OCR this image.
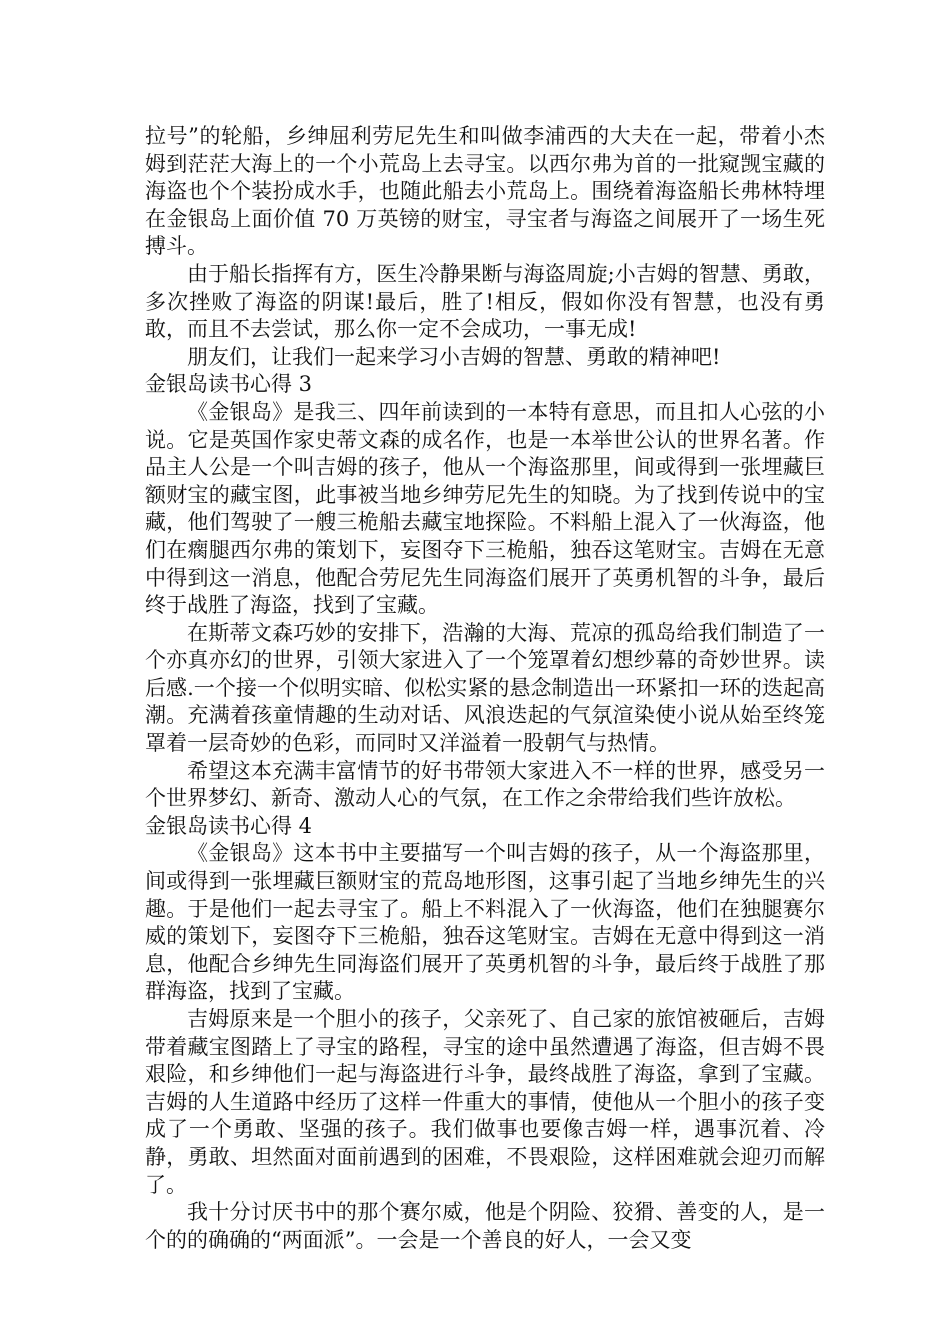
拉号”的轮船，乡绅屈利劳尼先生和叫做李浦西的大夫在一起，带着小杰姆到茫茫大海上的一个小荒岛上去寻宝。以西尔弗为首的一批窥觊宝藏的海盗也个个装扮成水手，也随此船去小荒岛上。围绕着海盗船长弗林特埋在金银岛上面价值 70 万英镑的财宝，寻宝者与海盗之间展开了一场生死搏斗。

由于船长指挥有方，医生冷静果断与海盗周旋;小吉姆的智慧、勇敢，多次挫败了海盗的阴谋!最后，胜了!相反，假如你没有智慧，也没有勇敢，而且不去尝试，那么你一定不会成功，一事无成!

朋友们，让我们一起来学习小吉姆的智慧、勇敢的精神吧!

金银岛读书心得 3

《金银岛》是我三、四年前读到的一本特有意思，而且扣人心弦的小说。它是英国作家史蒂文森的成名作，也是一本举世公认的世界名著。作品主人公是一个叫吉姆的孩子，他从一个海盗那里，间或得到一张埋藏巨额财宝的藏宝图，此事被当地乡绅劳尼先生的知晓。为了找到传说中的宝藏，他们驾驶了一艘三桅船去藏宝地探险。不料船上混入了一伙海盗，他们在瘸腿西尔弗的策划下，妄图夺下三桅船，独吞这笔财宝。吉姆在无意中得到这一消息，他配合劳尼先生同海盗们展开了英勇机智的斗争，最后终于战胜了海盗，找到了宝藏。

在斯蒂文森巧妙的安排下，浩瀚的大海、荒凉的孤岛给我们制造了一个亦真亦幻的世界，引领大家进入了一个笼罩着幻想纱幕的奇妙世界。读后感.一个接一个似明实暗、似松实紧的悬念制造出一环紧扣一环的迭起高潮。充满着孩童情趣的生动对话、风浪迭起的气氛渲染使小说从始至终笼罩着一层奇妙的色彩，而同时又洋溢着一股朝气与热情。

希望这本充满丰富情节的好书带领大家进入不一样的世界，感受另一个世界梦幻、新奇、激动人心的气氛，在工作之余带给我们些许放松。

金银岛读书心得 4

《金银岛》这本书中主要描写一个叫吉姆的孩子，从一个海盗那里，间或得到一张埋藏巨额财宝的荒岛地形图，这事引起了当地乡绅先生的兴趣。于是他们一起去寻宝了。船上不料混入了一伙海盗，他们在独腿赛尔威的策划下，妄图夺下三桅船，独吞这笔财宝。吉姆在无意中得到这一消息，他配合乡绅先生同海盗们展开了英勇机智的斗争，最后终于战胜了那群海盗，找到了宝藏。

吉姆原来是一个胆小的孩子，父亲死了、自己家的旅馆被砸后，吉姆带着藏宝图踏上了寻宝的路程，寻宝的途中虽然遭遇了海盗，但吉姆不畏艰险，和乡绅他们一起与海盗进行斗争，最终战胜了海盗，拿到了宝藏。吉姆的人生道路中经历了这样一件重大的事情，使他从一个胆小的孩子变成了一个勇敢、坚强的孩子。我们做事也要像吉姆一样，遇事沉着、冷静，勇敢、坦然面对面前遇到的困难，不畏艰险，这样困难就会迎刃而解了。

我十分讨厌书中的那个赛尔威，他是个阴险、狡猾、善变的人，是一个的的确确的“两面派”。一会是一个善良的好人，一会又变
